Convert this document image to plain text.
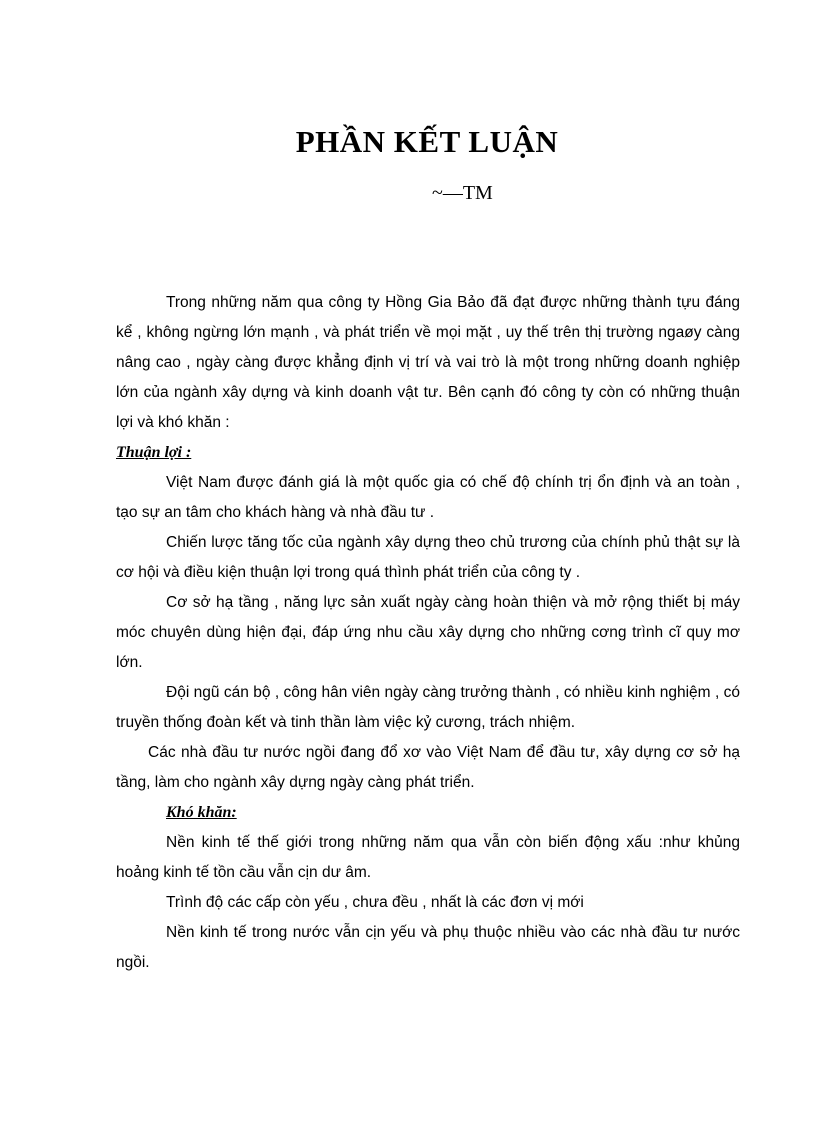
PHẦN KẾT LUẬN
~—TM

Trong những năm qua công ty Hồng Gia Bảo đã đạt được những thành tựu đáng kể , không ngừng lớn mạnh , và phát triển về mọi mặt , uy thế trên thị trường ngaøy càng nâng cao , ngày càng được khẳng định vị trí và vai trò là một trong những doanh nghiệp lớn của ngành xây dựng và kinh doanh vật tư. Bên cạnh đó công ty còn có những thuận lợi và khó khăn :

Thuận lợi :

Việt Nam được đánh giá là một quốc gia có chế độ chính trị ổn định và an toàn , tạo sự an tâm cho khách hàng và nhà đầu tư .

Chiến lược tăng tốc của ngành xây dựng theo chủ trương của chính phủ thật sự là cơ hội và điều kiện thuận lợi trong quá thình phát triển của công ty .

Cơ sở hạ tầng , năng lực sản xuất ngày càng hoàn thiện và mở rộng thiết bị máy móc chuyên dùng hiện đại, đáp ứng nhu cầu xây dựng cho những cơng trình cĩ quy mơ lớn.

Đội ngũ cán bộ , công hân viên ngày càng trưởng thành , có nhiều kinh nghiệm , có truyền thống đoàn kết và tinh thần làm việc kỷ cương, trách nhiệm.

Các nhà đầu tư nước ngồi đang đổ xơ vào Việt Nam để đầu tư, xây dựng cơ sở hạ tầng, làm cho ngành xây dựng ngày càng phát triển.

Khó khăn:

Nền kinh tế thế giới trong những năm qua vẫn còn biến động xấu :như khủng hoảng kinh tế tồn cầu vẫn cịn dư âm.

Trình độ các cấp còn yếu , chưa đều , nhất là các đơn vị mới

Nền kinh tế trong nước vẫn cịn yếu và phụ thuộc nhiều vào các nhà đầu tư nước ngồi.
